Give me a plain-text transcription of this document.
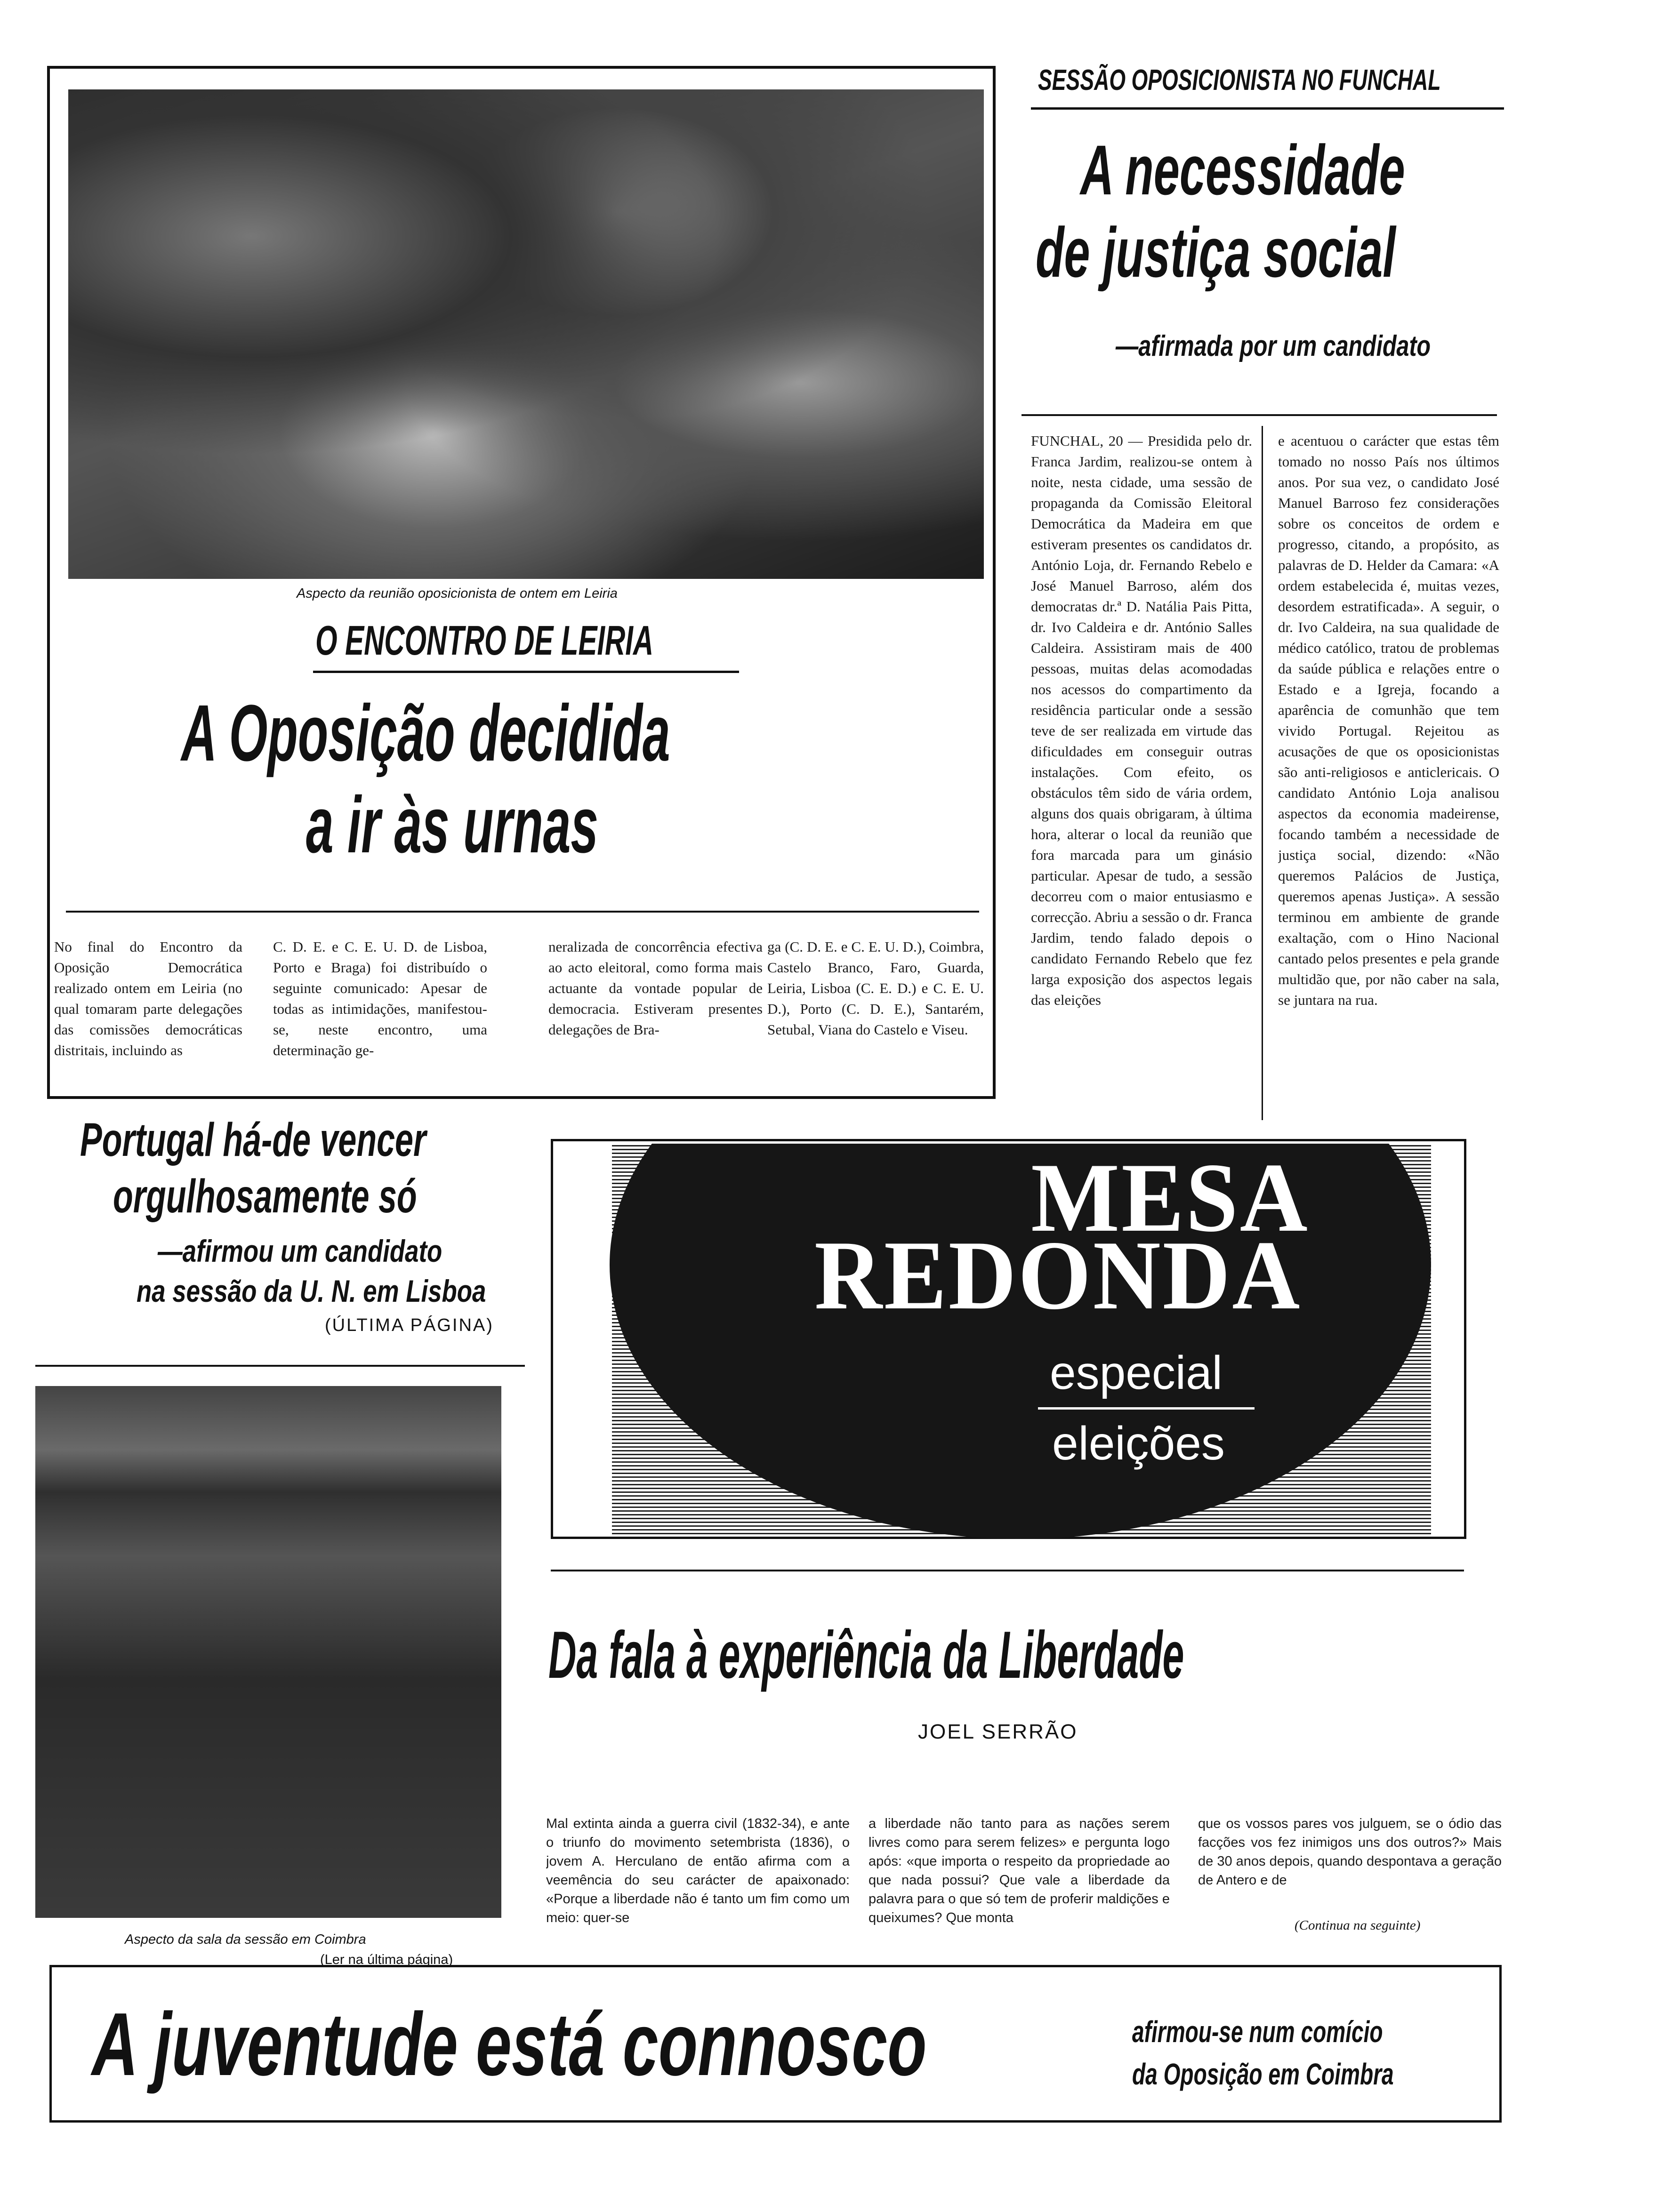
Aspecto da reunião oposicionista de ontem em Leiria
O ENCONTRO DE LEIRIA
A Oposição decidida
a ir às urnas
No final do Encontro da Oposição Democrática realizado ontem em Leiria (no qual tomaram parte delegações das comissões democráticas distritais, incluindo as
C. D. E. e C. E. U. D. de Lisboa, Porto e Braga) foi distribuído o seguinte comunicado: Apesar de todas as intimidações, manifestou-se, neste encontro, uma determinação ge-
neralizada de concorrência efectiva ao acto eleitoral, como forma mais actuante da vontade popular de democracia. Estiveram presentes delegações de Bra-
ga (C. D. E. e C. E. U. D.), Coimbra, Castelo Branco, Faro, Guarda, Leiria, Lisboa (C. E. D.) e C. E. U. D.), Porto (C. D. E.), Santarém, Setubal, Viana do Castelo e Viseu.
SESSÃO OPOSICIONISTA NO FUNCHAL
A necessidade
de justiça social
—afirmada por um candidato
FUNCHAL, 20 — Presidida pelo dr. Franca Jardim, realizou-se ontem à noite, nesta cidade, uma sessão de propaganda da Comissão Eleitoral Democrática da Madeira em que estiveram presentes os candidatos dr. António Loja, dr. Fernando Rebelo e José Manuel Barroso, além dos democratas dr.ª D. Natália Pais Pitta, dr. Ivo Caldeira e dr. António Salles Caldeira. Assistiram mais de 400 pessoas, muitas delas acomodadas nos acessos do compartimento da residência particular onde a sessão teve de ser realizada em virtude das dificuldades em conseguir outras instalações. Com efeito, os obstáculos têm sido de vária ordem, alguns dos quais obrigaram, à última hora, alterar o local da reunião que fora marcada para um ginásio particular. Apesar de tudo, a sessão decorreu com o maior entusiasmo e correcção. Abriu a sessão o dr. Franca Jardim, tendo falado depois o candidato Fernando Rebelo que fez larga exposição dos aspectos legais das eleições
e acentuou o carácter que estas têm tomado no nosso País nos últimos anos. Por sua vez, o candidato José Manuel Barroso fez considerações sobre os conceitos de ordem e progresso, citando, a propósito, as palavras de D. Helder da Camara: «A ordem estabelecida é, muitas vezes, desordem estratificada». A seguir, o dr. Ivo Caldeira, na sua qualidade de médico católico, tratou de problemas da saúde pública e relações entre o Estado e a Igreja, focando a aparência de comunhão que tem vivido Portugal. Rejeitou as acusações de que os oposicionistas são anti-religiosos e anticlericais. O candidato António Loja analisou aspectos da economia madeirense, focando também a necessidade de justiça social, dizendo: «Não queremos Palácios de Justiça, queremos apenas Justiça». A sessão terminou em ambiente de grande exaltação, com o Hino Nacional cantado pelos presentes e pela grande multidão que, por não caber na sala, se juntara na rua.
Portugal há-de vencer
orgulhosamente só
—afirmou um candidato
na sessão da U. N. em Lisboa
(ÚLTIMA PÁGINA)
Aspecto da sala da sessão em Coimbra
(Ler na última página)
MESA
REDONDA
especial
eleições
Da fala à experiência da Liberdade
JOEL SERRÃO
Mal extinta ainda a guerra civil (1832-34), e ante o triunfo do movimento setembrista (1836), o jovem A. Herculano de então afirma com a veemência do seu carácter de apaixonado: «Porque a liberdade não é tanto um fim como um meio: quer-se
a liberdade não tanto para as nações serem livres como para serem felizes» e pergunta logo após: «que importa o respeito da propriedade ao que nada possui? Que vale a liberdade da palavra para o que só tem de proferir maldições e queixumes? Que monta
que os vossos pares vos julguem, se o ódio das facções vos fez inimigos uns dos outros?» Mais de 30 anos depois, quando despontava a geração de Antero e de
(Continua na seguinte)
A juventude está connosco	afirmou-se num comício
da Oposição em Coimbra
